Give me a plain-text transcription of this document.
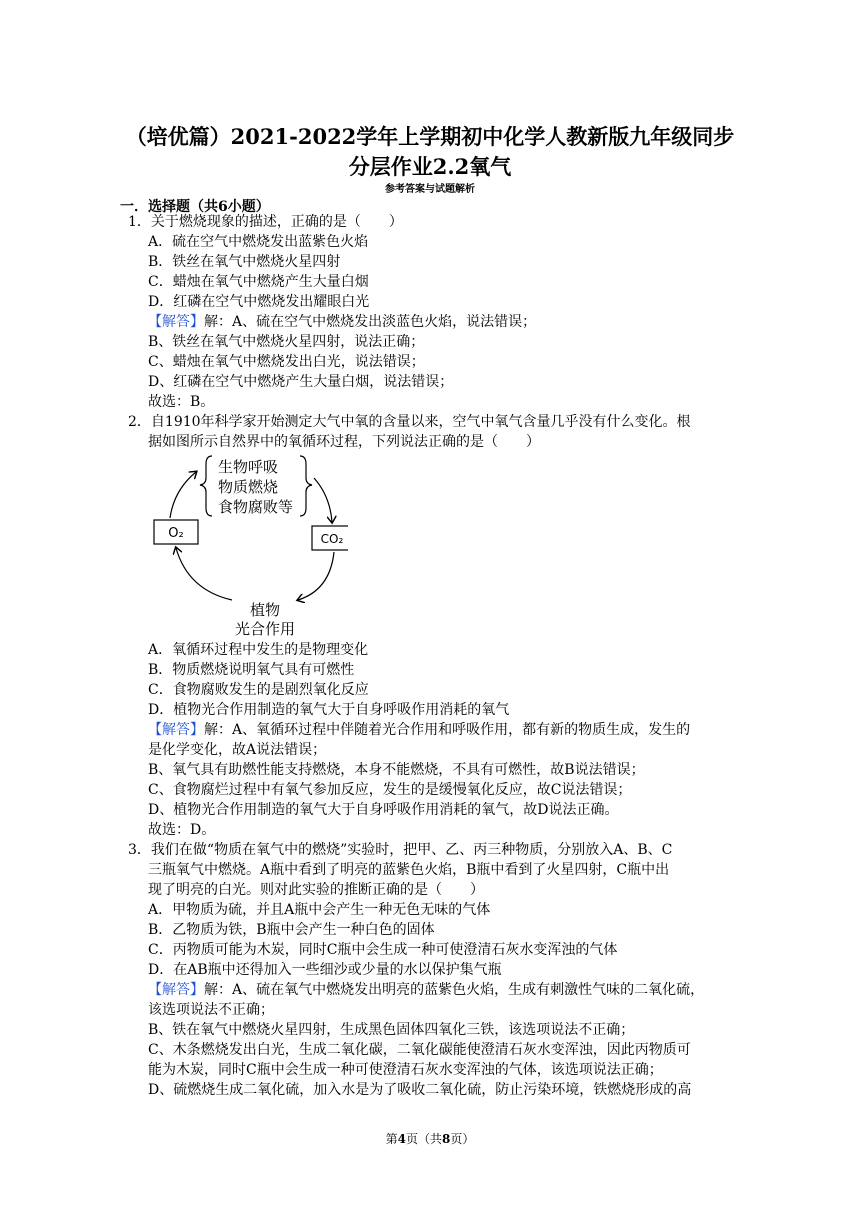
（培优篇）2021-2022学年上学期初中化学人教新版九年级同步
分层作业2.2氧气
参考答案与试题解析
一．选择题（共6小题）
1．关于燃烧现象的描述，正确的是（　　）
A．硫在空气中燃烧发出蓝紫色火焰
B．铁丝在氧气中燃烧火星四射
C．蜡烛在氧气中燃烧产生大量白烟
D．红磷在空气中燃烧发出耀眼白光
【解答】解：A、硫在空气中燃烧发出淡蓝色火焰，说法错误；
B、铁丝在氧气中燃烧火星四射，说法正确；
C、蜡烛在氧气中燃烧发出白光，说法错误；
D、红磷在空气中燃烧产生大量白烟，说法错误；
故选：B。
2．自1910年科学家开始测定大气中氧的含量以来，空气中氧气含量几乎没有什么变化。根
据如图所示自然界中的氧循环过程，下列说法正确的是（　　）
生物呼吸
物质燃烧
食物腐败等
O₂	CO₂
植物
光合作用
A．氧循环过程中发生的是物理变化
B．物质燃烧说明氧气具有可燃性
C．食物腐败发生的是剧烈氧化反应
D．植物光合作用制造的氧气大于自身呼吸作用消耗的氧气
【解答】解：A、氧循环过程中伴随着光合作用和呼吸作用，都有新的物质生成，发生的
是化学变化，故A说法错误；
B、氧气具有助燃性能支持燃烧，本身不能燃烧，不具有可燃性，故B说法错误；
C、食物腐烂过程中有氧气参加反应，发生的是缓慢氧化反应，故C说法错误；
D、植物光合作用制造的氧气大于自身呼吸作用消耗的氧气，故D说法正确。
故选：D。
3．我们在做“物质在氧气中的燃烧”实验时，把甲、乙、丙三种物质，分别放入A、B、C
三瓶氧气中燃烧。A瓶中看到了明亮的蓝紫色火焰，B瓶中看到了火星四射，C瓶中出
现了明亮的白光。则对此实验的推断正确的是（　　）
A．甲物质为硫，并且A瓶中会产生一种无色无味的气体
B．乙物质为铁，B瓶中会产生一种白色的固体
C．丙物质可能为木炭，同时C瓶中会生成一种可使澄清石灰水变浑浊的气体
D．在AB瓶中还得加入一些细沙或少量的水以保护集气瓶
【解答】解：A、硫在氧气中燃烧发出明亮的蓝紫色火焰，生成有刺激性气味的二氧化硫，
该选项说法不正确；
B、铁在氧气中燃烧火星四射，生成黑色固体四氧化三铁，该选项说法不正确；
C、木条燃烧发出白光，生成二氧化碳，二氧化碳能使澄清石灰水变浑浊，因此丙物质可
能为木炭，同时C瓶中会生成一种可使澄清石灰水变浑浊的气体，该选项说法正确；
D、硫燃烧生成二氧化硫，加入水是为了吸收二氧化硫，防止污染环境，铁燃烧形成的高
第4页（共8页）
